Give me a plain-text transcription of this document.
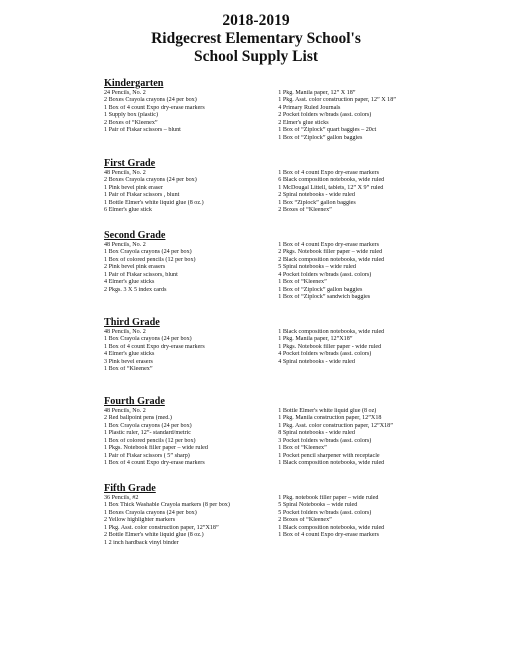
2018-2019

Ridgecrest Elementary School's

School Supply List

Kindergarten

24 Pencils, No. 2
2 Boxes Crayola crayons (24 per box)
1 Box of 4 count Expo dry-erase markers
1 Supply box (plastic)
2 Boxes of “Kleenex”
1 Pair of Fiskar scissors – blunt
1 Pkg. Manila paper, 12” X 18”
1 Pkg. Asst. color construction paper, 12” X 18”
4 Primary Ruled Journals
2 Pocket folders w/brads (asst. colors)
2 Elmer's glue sticks
1 Box of “Ziplock” quart baggies – 20ct
1 Box of “Ziplock” gallon baggies

First Grade

48 Pencils, No. 2
2 Boxes Crayola crayons (24 per box)
1 Pink bevel pink eraser
1 Pair of Fiskar scissors , blunt
1 Bottle Elmer's white liquid glue (8 oz.)
6 Elmer's glue stick
1 Box of 4 count Expo dry-erase markers
6 Black composition notebooks, wide ruled
1 McDougal Littell, tablets, 12” X 9” ruled
2 Spiral notebooks - wide ruled
1 Box “Ziplock” gallon baggies
2 Boxes of “Kleenex”

Second Grade

48 Pencils, No. 2
1 Box Crayola crayons (24 per box)
1 Box of colored pencils (12 per box)
2 Pink bevel pink erasers
1 Pair of Fiskar scissors, blunt
4 Elmer's glue sticks
2 Pkgs. 3 X 5 index cards
1 Box of 4 count Expo dry-erase markers
2 Pkgs. Notebook filler paper – wide ruled
2 Black composition notebooks, wide ruled
5 Spiral notebooks – wide ruled
4 Pocket folders w/brads (asst. colors)
1 Box of “Kleenex”
1 Box of “Ziplock” gallon baggies
1 Box of “Ziplock” sandwich baggies

Third Grade

48 Pencils, No. 2
1 Box Crayola crayons (24 per box)
1 Box of 4 count Expo dry-erase markers
4 Elmer's glue sticks
3 Pink bevel erasers
1 Box of “Kleenex”
1 Black composition notebooks, wide ruled
1 Pkg. Manila paper, 12”X18”
1 Pkgs. Notebook filler paper - wide ruled
4 Pocket folders w/brads (asst. colors)
4 Spiral notebooks - wide ruled

Fourth Grade

48 Pencils, No. 2
2 Red ballpoint pens (med.)
1 Box Crayola crayons (24 per box)
1 Plastic ruler, 12”- standard/metric
1 Box of colored pencils (12 per box)
1 Pkgs. Notebook filler paper – wide ruled
1 Pair of Fiskar scissors ( 5” sharp)
1 Box of 4 count Expo dry-erase markers
1 Bottle Elmer's white liquid glue (8 oz)
1 Pkg. Manila construction paper, 12”X18
1 Pkg. Asst. color construction paper, 12”X18”
8 Spiral notebooks - wide ruled
3 Pocket folders w/brads (asst. colors)
1 Box of “Kleenex”
1 Pocket pencil sharpener with receptacle
1 Black composition notebooks, wide ruled

Fifth Grade

36 Pencils, #2
1 Box Thick Washable Crayola markers (8 per box)
1 Boxes Crayola crayons (24 per box)
2 Yellow highlighter markers
1 Pkg. Asst. color construction paper, 12”X18”
2 Bottle Elmer's white liquid glue (8 oz.)
1 2 inch hardback vinyl binder
1 Pkg. notebook filler paper – wide ruled
5 Spiral Notebooks – wide ruled
5 Pocket folders w/brads (asst. colors)
2 Boxes of “Kleenex”
1 Black composition notebooks, wide ruled
1 Box of 4 count Expo dry-erase markers
